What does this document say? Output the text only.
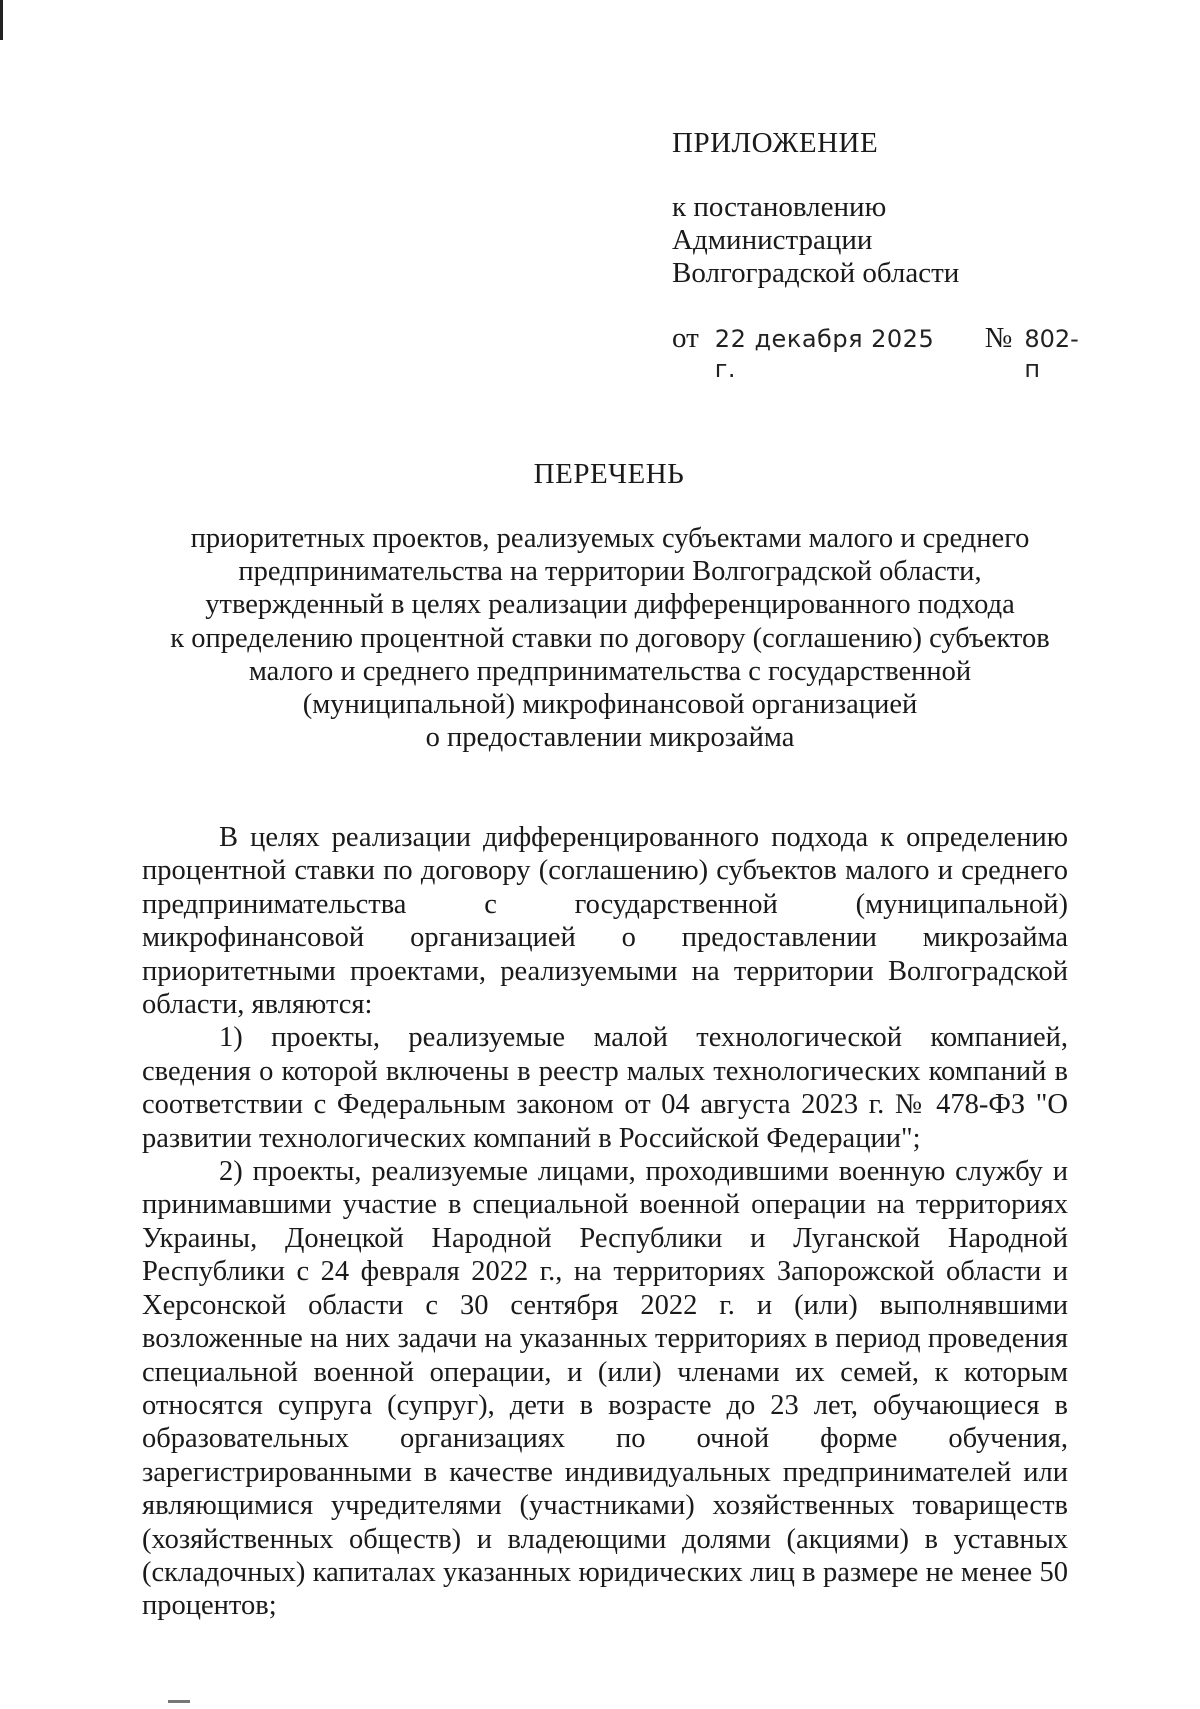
ПРИЛОЖЕНИЕ
к постановлению
Администрации
Волгоградской области
от 22 декабря 2025 г.
№ 802-п
ПЕРЕЧЕНЬ
приоритетных проектов, реализуемых субъектами малого и среднего
предпринимательства на территории Волгоградской области,
утвержденный в целях реализации дифференцированного подхода
к определению процентной ставки по договору (соглашению) субъектов
малого и среднего предпринимательства с государственной
(муниципальной) микрофинансовой организацией
о предоставлении микрозайма

В целях реализации дифференцированного подхода к определению процентной ставки по договору (соглашению) субъектов малого и среднего предпринимательства с государственной (муниципальной) микрофинансовой организацией о предоставлении микрозайма приоритетными проектами, реализуемыми на территории Волгоградской области, являются:

1) проекты, реализуемые малой технологической компанией, сведения о которой включены в реестр малых технологических компаний в соответствии с Федеральным законом от 04 августа 2023 г. № 478-ФЗ "О развитии технологических компаний в Российской Федерации";

2) проекты, реализуемые лицами, проходившими военную службу и принимавшими участие в специальной военной операции на территориях Украины, Донецкой Народной Республики и Луганской Народной Республики с 24 февраля 2022 г., на территориях Запорожской области и Херсонской области с 30 сентября 2022 г. и (или) выполнявшими возложенные на них задачи на указанных территориях в период проведения специальной военной операции, и (или) членами их семей, к которым относятся супруга (супруг), дети в возрасте до 23 лет, обучающиеся в образовательных организациях по очной форме обучения, зарегистрированными в качестве индивидуальных предпринимателей или являющимися учредителями (участниками) хозяйственных товариществ (хозяйственных обществ) и владеющими долями (акциями) в уставных (складочных) капиталах указанных юридических лиц в размере не менее 50 процентов;
